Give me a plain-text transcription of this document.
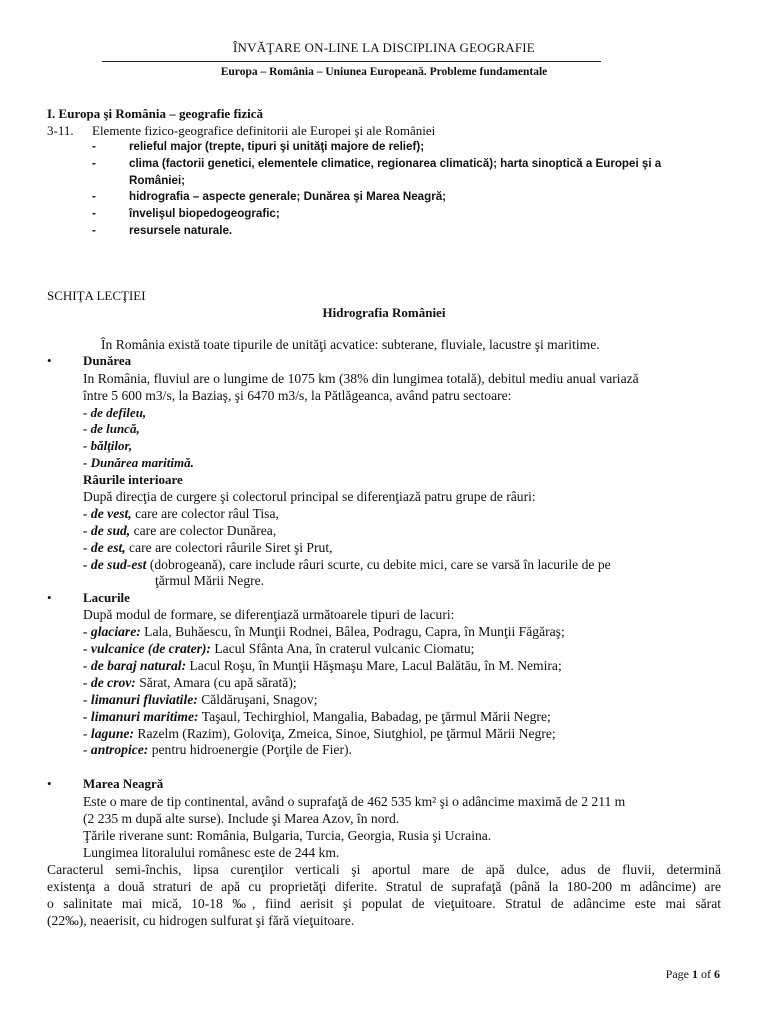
ÎNVĂŢARE ON-LINE LA DISCIPLINA GEOGRAFIE
Europa – România – Uniunea Europeană. Probleme fundamentale
I. Europa şi România – geografie fizică
3-11. Elemente fizico-geografice definitorii ale Europei şi ale României
-	relieful major (trepte, tipuri şi unităţi majore de relief);
-	clima (factorii genetici, elementele climatice, regionarea climatică); harta sinoptică a Europei şi a
României;
-	hidrografia – aspecte generale; Dunărea şi Marea Neagră;
-	învelişul biopedogeografic;
-	resursele naturale.
SCHIŢA LECŢIEI
Hidrografia României
În România există toate tipurile de unităţi acvatice: subterane, fluviale, lacustre şi maritime.
• Dunărea
In România, fluviul are o lungime de 1075 km (38% din lungimea totală), debitul mediu anual variază
între 5 600 m3/s, la Baziaş, şi 6470 m3/s, la Pătlăgeanca, având patru sectoare:
- de defileu,
- de luncă,
- bălţilor,
- Dunărea maritimă.
Râurile interioare
După direcţia de curgere şi colectorul principal se diferenţiază patru grupe de râuri:
- de vest, care are colector râul Tisa,
- de sud, care are colector Dunărea,
- de est, care are colectori râurile Siret şi Prut,
- de sud-est (dobrogeană), care include râuri scurte, cu debite mici, care se varsă în lacurile de pe
ţărmul Mării Negre.
• Lacurile
După modul de formare, se diferenţiază următoarele tipuri de lacuri:
- glaciare: Lala, Buhăescu, în Munţii Rodnei, Bâlea, Podragu, Capra, în Munţii Făgăraş;
- vulcanice (de crater): Lacul Sfânta Ana, în craterul vulcanic Ciomatu;
- de baraj natural: Lacul Roşu, în Munţii Hăşmaşu Mare, Lacul Balătău, în M. Nemira;
- de crov: Sărat, Amara (cu apă sărată);
- limanuri fluviatile: Căldăruşani, Snagov;
- limanuri maritime: Taşaul, Techirghiol, Mangalia, Babadag, pe ţărmul Mării Negre;
- lagune: Razelm (Razim), Goloviţa, Zmeica, Sinoe, Siutghiol, pe ţărmul Mării Negre;
- antropice: pentru hidroenergie (Porţile de Fier).
• Marea Neagră
Este o mare de tip continental, având o suprafaţă de 462 535 km² şi o adâncime maximă de 2 211 m
(2 235 m după alte surse). Include şi Marea Azov, în nord.
Ţările riverane sunt: România, Bulgaria, Turcia, Georgia, Rusia şi Ucraina.
Lungimea litoralului românesc este de 244 km.
Caracterul semi-închis, lipsa curenţilor verticali şi aportul mare de apă dulce, adus de fluvii, determină
existenţa a două straturi de apă cu proprietăţi diferite. Stratul de suprafaţă (până la 180-200 m adâncime) are
o salinitate mai mică, 10-18 ‰, fiind aerisit şi populat de vieţuitoare. Stratul de adâncime este mai sărat
(22‰), neaerisit, cu hidrogen sulfurat şi fără vieţuitoare.
Page 1 of 6
